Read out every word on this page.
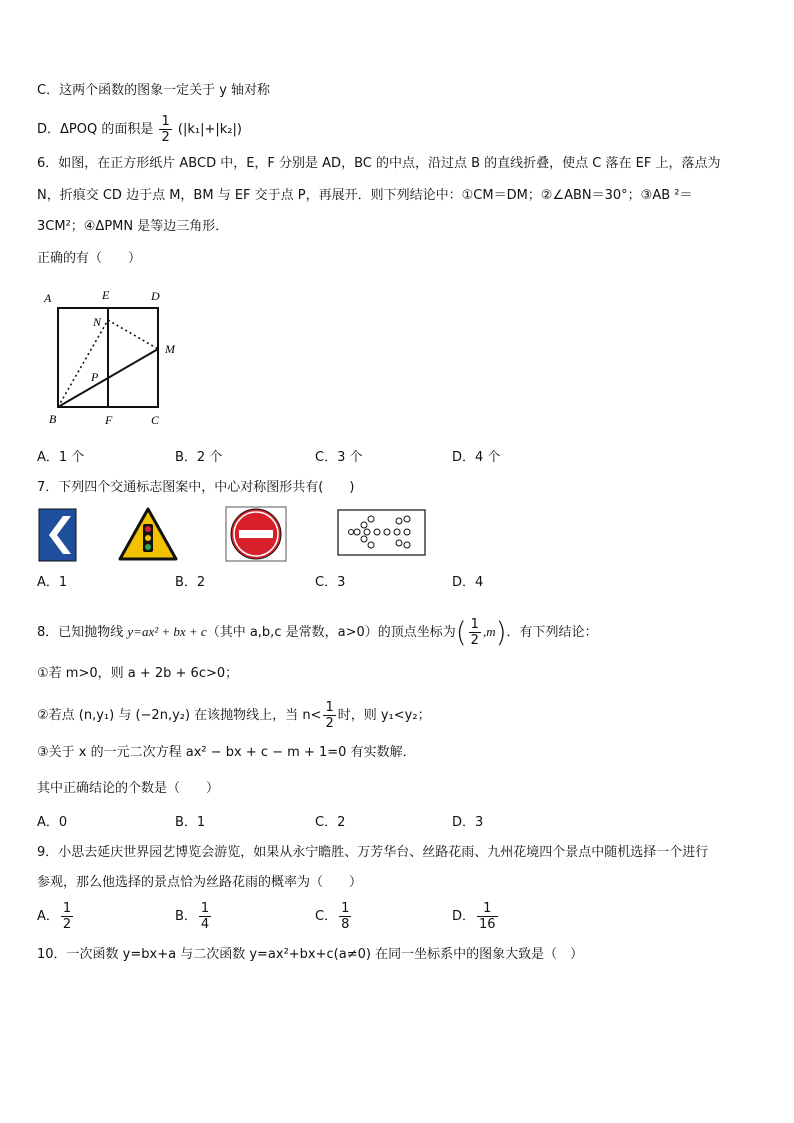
C．这两个函数的图象一定关于 y 轴对称
D．ΔPOQ 的面积是 $\frac{1}{2} (|k_1|+|k_2|)$
6．如图，在正方形纸片 ABCD 中，E，F 分别是 AD，BC 的中点，沿过点 B 的直线折叠，使点 C 落在 EF 上，落点为
N，折痕交 CD 边于点 M，BM 与 EF 交于点 P，再展开．则下列结论中：①CM＝DM；②∠ABN＝30°；③AB ²＝
3CM²；④ΔPMN 是等边三角形．
正确的有（　　）
A	E	D
N
M
P
B	F	C
A．1 个	B．2 个	C．3 个	D．4 个
7．下列四个交通标志图案中，中心对称图形共有(　　)
A．1	B．2	C．3	D．4
8．已知抛物线 y=ax² + bx + c（其中 a,b,c 是常数，a>0）的顶点坐标为( $\frac{1}{2} ,m$)．有下列结论：
①若 m>0，则 a + 2b + 6c>0；
②若点 (n,y₁) 与 (−2n,y₂) 在该抛物线上，当 $n< \frac{1}{2}$ 时，则 y₁<y₂；
③关于 x 的一元二次方程 ax² − bx + c − m + 1=0 有实数解．
其中正确结论的个数是（　　）
A．0	B．1	C．2	D．3
9．小思去延庆世界园艺博览会游览，如果从永宁瞻胜、万芳华台、丝路花雨、九州花境四个景点中随机选择一个进行
参观，那么他选择的景点恰为丝路花雨的概率为（　　）
A． $\frac{1}{2}$	B． $\frac{1}{4}$	C． $\frac{1}{8}$	D． $\frac{1}{16}$
10．一次函数 y=bx+a 与二次函数 y=ax²+bx+c(a≠0) 在同一坐标系中的图象大致是（　）
